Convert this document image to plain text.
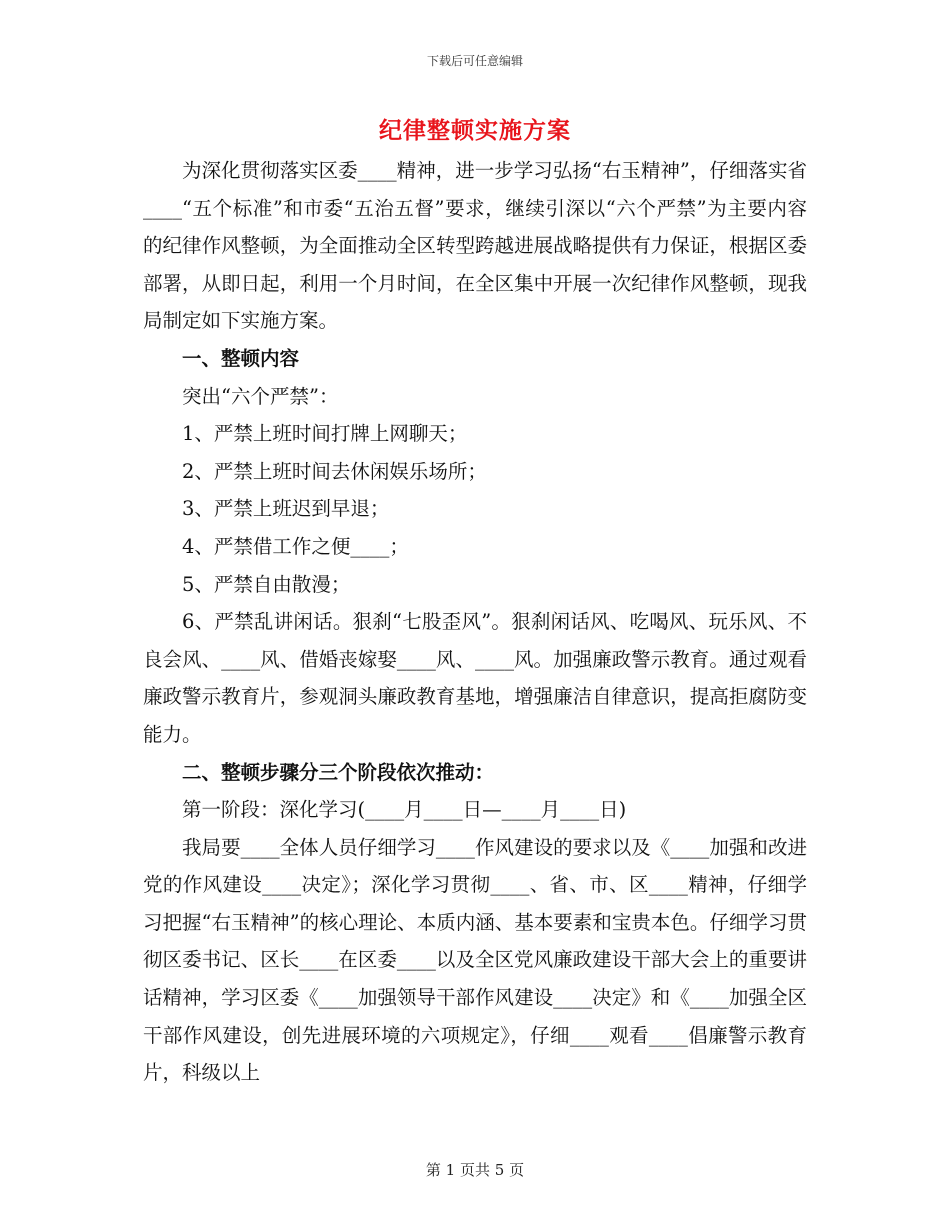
下载后可任意编辑
纪律整顿实施方案

为深化贯彻落实区委____精神，进一步学习弘扬“右玉精神”，仔细落实省____“五个标准”和市委“五治五督”要求，继续引深以“六个严禁”为主要内容的纪律作风整顿，为全面推动全区转型跨越进展战略提供有力保证，根据区委部署，从即日起，利用一个月时间，在全区集中开展一次纪律作风整顿，现我局制定如下实施方案。

一、整顿内容

突出“六个严禁”：

1、严禁上班时间打牌上网聊天；

2、严禁上班时间去休闲娱乐场所；

3、严禁上班迟到早退；

4、严禁借工作之便____；

5、严禁自由散漫；

6、严禁乱讲闲话。狠刹“七股歪风”。狠刹闲话风、吃喝风、玩乐风、不良会风、____风、借婚丧嫁娶____风、____风。加强廉政警示教育。通过观看廉政警示教育片，参观洞头廉政教育基地，增强廉洁自律意识，提高拒腐防变能力。

二、整顿步骤分三个阶段依次推动：

第一阶段：深化学习(____月____日—____月____日)

我局要____全体人员仔细学习____作风建设的要求以及《____加强和改进党的作风建设____决定》；深化学习贯彻____、省、市、区____精神，仔细学习把握“右玉精神”的核心理论、本质内涵、基本要素和宝贵本色。仔细学习贯彻区委书记、区长____在区委____以及全区党风廉政建设干部大会上的重要讲话精神，学习区委《____加强领导干部作风建设____决定》和《____加强全区干部作风建设，创先进展环境的六项规定》，仔细____观看____倡廉警示教育片，科级以上

第 1 页共 5 页
